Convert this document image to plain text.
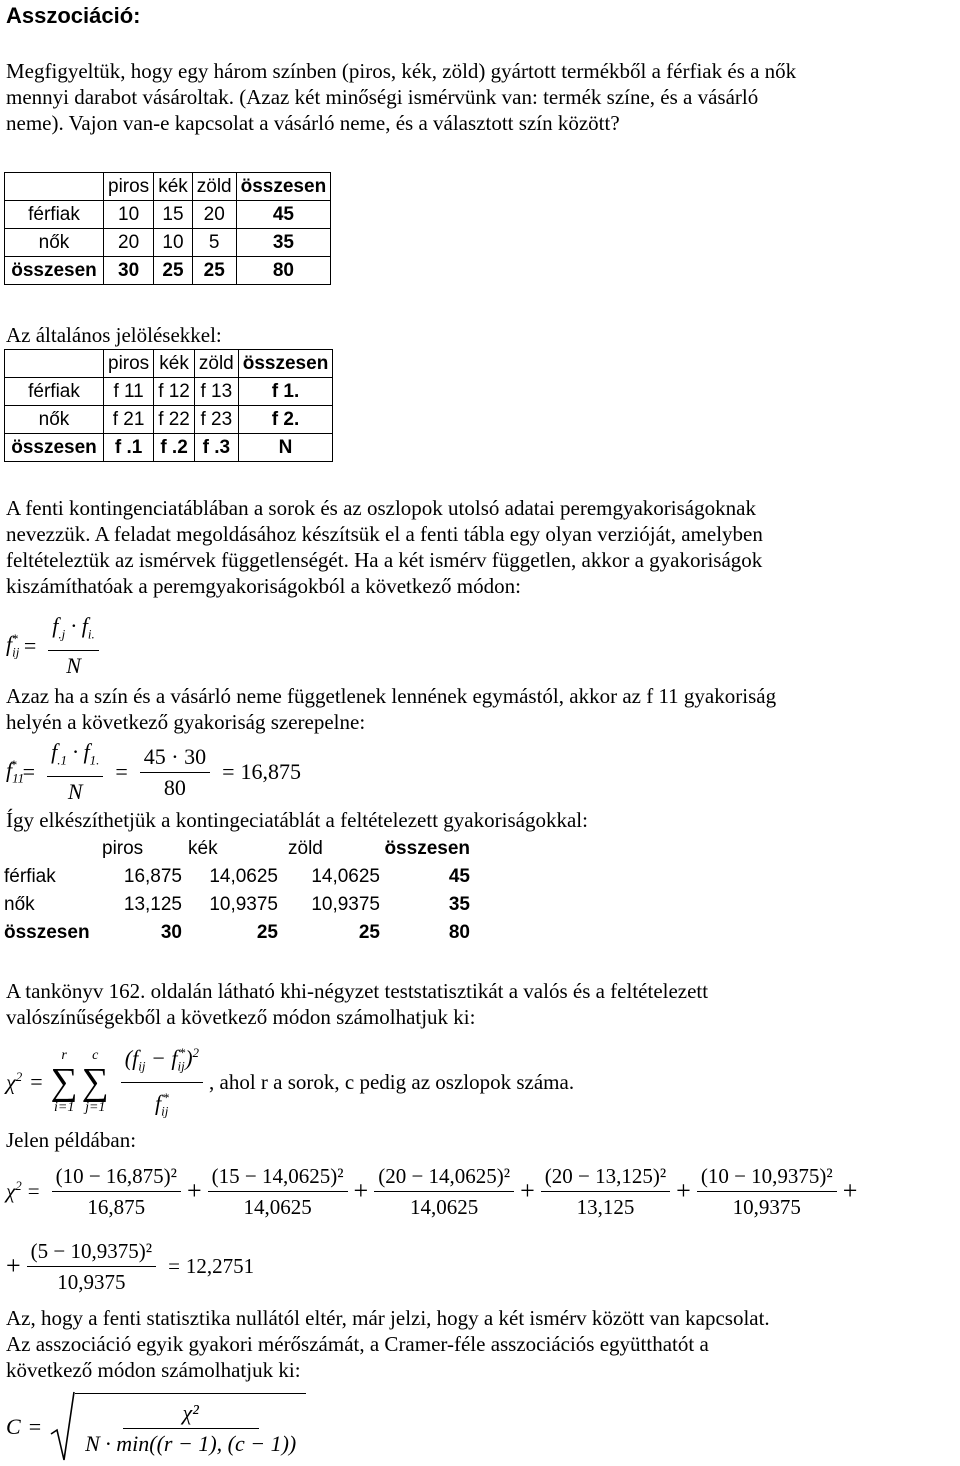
Asszociáció:
Megfigyeltük, hogy egy három színben (piros, kék, zöld) gyártott termékből a férfiak és a nők
mennyi darabot vásároltak. (Azaz két minőségi ismérvünk van: termék színe, és a vásárló
neme). Vajon van-e kapcsolat a vásárló neme, és a választott szín között?
	piros	kék	zöld	összesen
férfiak	10	15	20	45
nők	20	10	5	35
összesen	30	25	25	80
Az általános jelölésekkel:
	piros	kék	zöld	összesen
férfiak	f 11	f 12	f 13	f 1.
nők	f 21	f 22	f 23	f 2.
összesen	f .1	f .2	f .3	N
A fenti kontingenciatáblában a sorok és az oszlopok utolsó adatai peremgyakoriságoknak
nevezzük. A feladat megoldásához készítsük el a fenti tábla egy olyan verzióját, amelyben
feltételeztük az ismérvek függetlenségét. Ha a két ismérv független, akkor a gyakoriságok
kiszámíthatóak a peremgyakoriságokból a következő módon:
$f_{ij}^* = \frac{f_{.j} \cdot f_{i.}}{N}$
Azaz ha a szín és a vásárló neme függetlenek lennének egymástól, akkor az f 11 gyakoriság
helyén a következő gyakoriság szerepelne:
$f_{11}^* = \frac{f_{.1} \cdot f_{1.}}{N} = \frac{45 \cdot 30}{80} = 16,875$
Így elkészíthetjük a kontingeciatáblát a feltételezett gyakoriságokkal:
	piros	kék	zöld	összesen
férfiak	16,875	14,0625	14,0625	45
nők	13,125	10,9375	10,9375	35
összesen	30	25	25	80
A tankönyv 162. oldalán látható khi-négyzet teststatisztikát a valós és a feltételezett
valószínűségekből a következő módon számolhatjuk ki:
$\chi^2$ =
r
∑
i=1
c
∑
$j=1 \frac{(f_{ij} - f_{ij}^*)^2}{f_{ij}^*}$ , ahol r a sorok, c pedig az oszlopok száma.
Jelen példában:
$\chi^2 = \frac{\text{(10 − 16,875)²}}{16,875} + \frac{\text{(15 − 14,0625)²}}{14,0625} + \frac{\text{(20 − 14,0625)²}}{14,0625} + \frac{\text{(20 − 13,125)²}}{13,125} + \frac{\text{(10 − 10,9375)²}}{10,9375}$ +
+ $\frac{\text{(5 − 10,9375)²}}{10,9375} = 12,2751$
Az, hogy a fenti statisztika nullától eltér, már jelzi, hogy a két ismérv között van kapcsolat.
Az asszociáció egyik gyakori mérőszámát, a Cramer-féle asszociációs együtthatót a
következő módon számolhatjuk ki:
$C = \frac{\text{χ²}}{N \cdot \min((r - 1), (c - 1))}$
